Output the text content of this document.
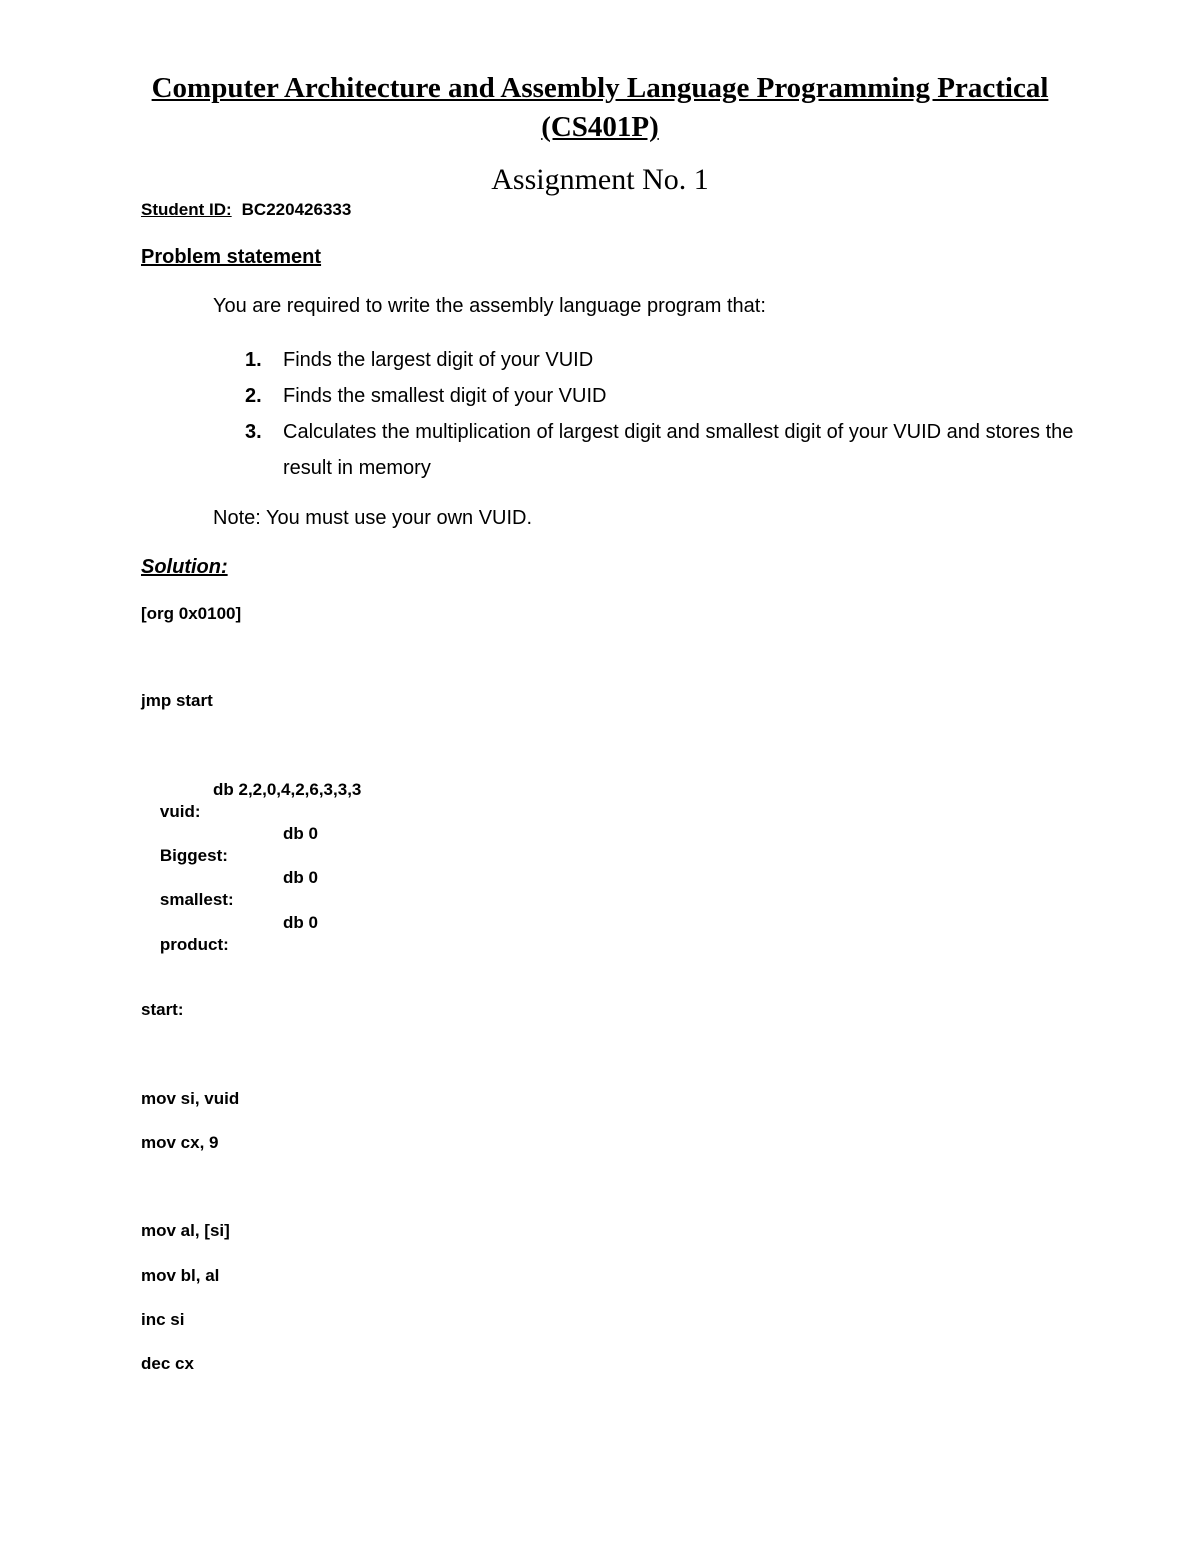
Computer Architecture and Assembly Language Programming Practical
(CS401P)
Assignment No. 1
Student ID: BC220426333
Problem statement
You are required to write the assembly language program that:
1. Finds the largest digit of your VUID
2. Finds the smallest digit of your VUID
3. Calculates the multiplication of largest digit and smallest digit of your VUID and stores the result in memory
Note: You must use your own VUID.
Solution:
[org 0x0100]
jmp start

vuid:
db 2,2,0,4,2,6,3,3,3

Biggest:
db 0

smallest:
db 0

product:
db 0

start:
mov si, vuid
mov cx, 9
mov al, [si]
mov bl, al
inc si
dec cx
